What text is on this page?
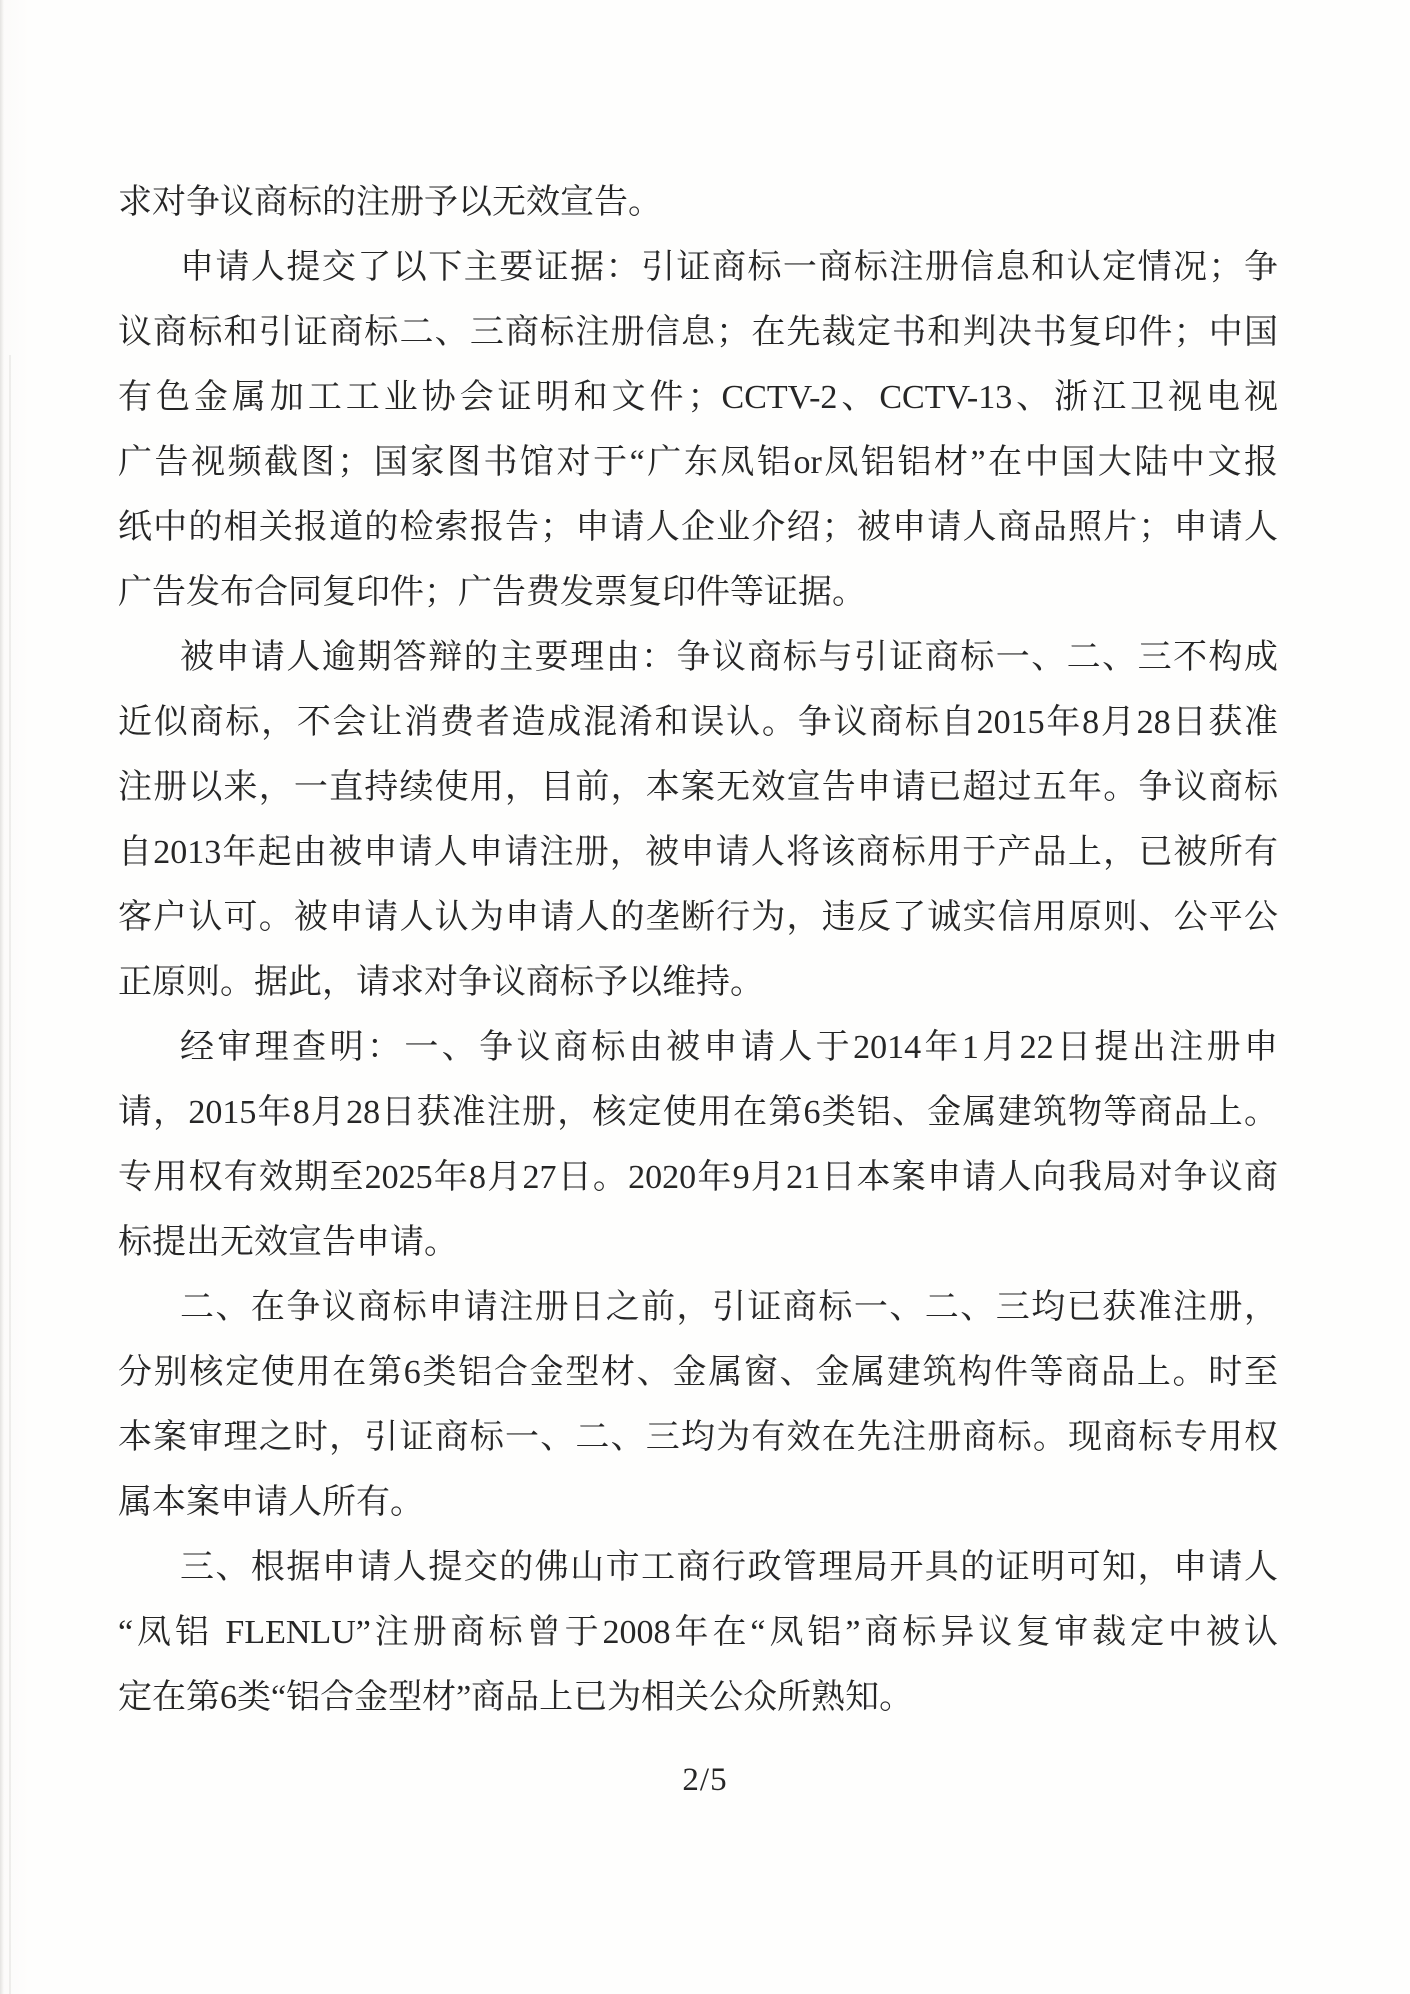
求对争议商标的注册予以无效宣告。
申请人提交了以下主要证据：引证商标一商标注册信息和认定情况；争
议商标和引证商标二、三商标注册信息；在先裁定书和判决书复印件；中国
有色金属加工工业协会证明和文件；CCTV-2、CCTV-13、浙江卫视电视
广告视频截图；国家图书馆对于“广东凤铝or凤铝铝材”在中国大陆中文报
纸中的相关报道的检索报告；申请人企业介绍；被申请人商品照片；申请人
广告发布合同复印件；广告费发票复印件等证据。
被申请人逾期答辩的主要理由：争议商标与引证商标一、二、三不构成
近似商标，不会让消费者造成混淆和误认。争议商标自2015年8月28日获准
注册以来，一直持续使用，目前，本案无效宣告申请已超过五年。争议商标
自2013年起由被申请人申请注册，被申请人将该商标用于产品上，已被所有
客户认可。被申请人认为申请人的垄断行为，违反了诚实信用原则、公平公
正原则。据此，请求对争议商标予以维持。
经审理查明：一、争议商标由被申请人于2014年1月22日提出注册申
请，2015年8月28日获准注册，核定使用在第6类铝、金属建筑物等商品上。
专用权有效期至2025年8月27日。2020年9月21日本案申请人向我局对争议商
标提出无效宣告申请。
二、在争议商标申请注册日之前，引证商标一、二、三均已获准注册，
分别核定使用在第6类铝合金型材、金属窗、金属建筑构件等商品上。时至
本案审理之时，引证商标一、二、三均为有效在先注册商标。现商标专用权
属本案申请人所有。
三、根据申请人提交的佛山市工商行政管理局开具的证明可知，申请人
“凤铝 FLENLU”注册商标曾于2008年在“凤铝”商标异议复审裁定中被认
定在第6类“铝合金型材”商品上已为相关公众所熟知。
2/5
